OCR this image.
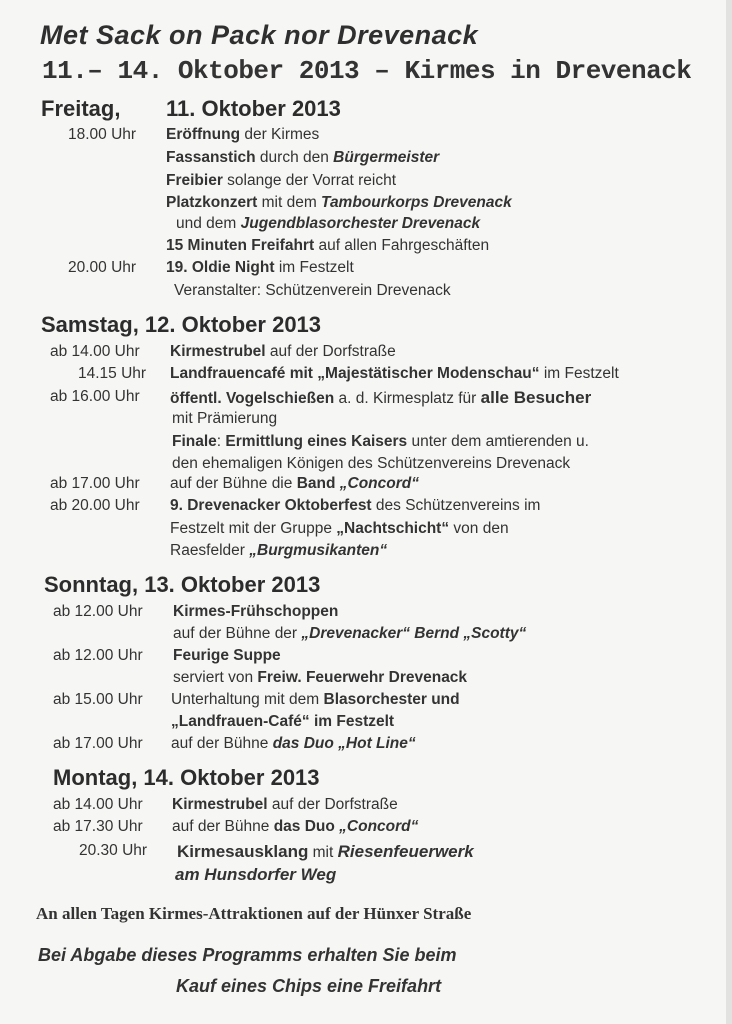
Met Sack on Pack nor Drevenack
11.– 14. Oktober 2013 – Kirmes in Drevenack
Freitag, 11. Oktober 2013
18.00 Uhr Eröffnung der Kirmes
Fassanstich durch den Bürgermeister
Freibier solange der Vorrat reicht
Platzkonzert mit dem Tambourkorps Drevenack
und dem Jugendblasorchester Drevenack
15 Minuten Freifahrt auf allen Fahrgeschäften
20.00 Uhr 19. Oldie Night im Festzelt
Veranstalter: Schützenverein Drevenack
Samstag, 12. Oktober 2013
ab 14.00 Uhr Kirmestrubel auf der Dorfstraße
14.15 Uhr Landfrauencafé mit „Majestätischer Modenschau“ im Festzelt
ab 16.00 Uhr öffentl. Vogelschießen a. d. Kirmesplatz für alle Besucher
mit Prämierung
Finale: Ermittlung eines Kaisers unter dem amtierenden u.
den ehemaligen Königen des Schützenvereins Drevenack
ab 17.00 Uhr auf der Bühne die Band „Concord“
ab 20.00 Uhr 9. Drevenacker Oktoberfest des Schützenvereins im
Festzelt mit der Gruppe „Nachtschicht“ von den
Raesfelder „Burgmusikanten“
Sonntag, 13. Oktober 2013
ab 12.00 Uhr Kirmes-Frühschoppen
auf der Bühne der „Drevenacker“ Bernd „Scotty“
ab 12.00 Uhr Feurige Suppe
serviert von Freiw. Feuerwehr Drevenack
ab 15.00 Uhr Unterhaltung mit dem Blasorchester und
„Landfrauen-Café“ im Festzelt
ab 17.00 Uhr auf der Bühne das Duo „Hot Line“
Montag, 14. Oktober 2013
ab 14.00 Uhr Kirmestrubel auf der Dorfstraße
ab 17.30 Uhr auf der Bühne das Duo „Concord“
20.30 Uhr Kirmesausklang mit Riesenfeuerwerk
am Hunsdorfer Weg
An allen Tagen Kirmes-Attraktionen auf der Hünxer Straße
Bei Abgabe dieses Programms erhalten Sie beim
Kauf eines Chips eine Freifahrt
